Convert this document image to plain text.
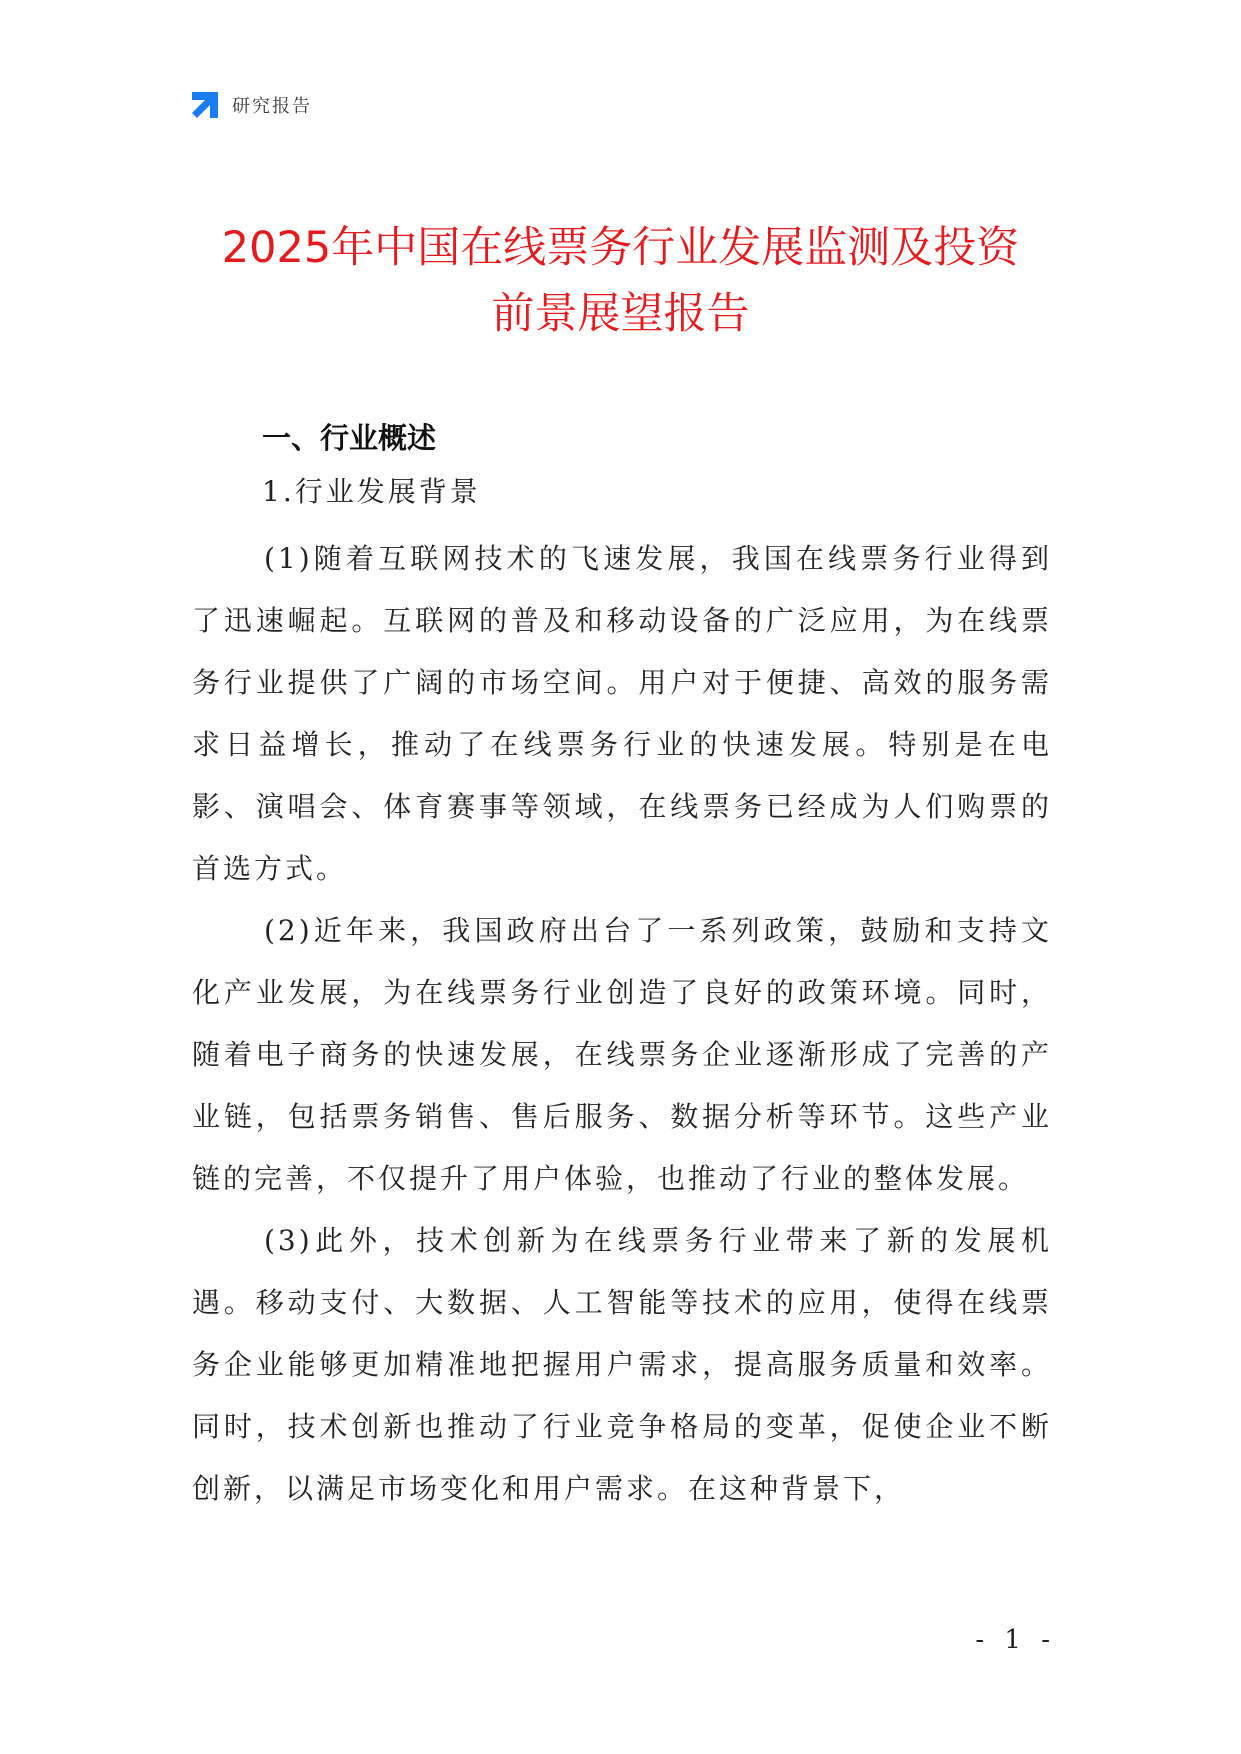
研究报告
2025年中国在线票务行业发展监测及投资
前景展望报告
一、行业概述
1.行业发展背景

(1)随着互联网技术的飞速发展，我国在线票务行业得到了迅速崛起。互联网的普及和移动设备的广泛应用，为在线票务行业提供了广阔的市场空间。用户对于便捷、高效的服务需求日益增长，推动了在线票务行业的快速发展。特别是在电影、演唱会、体育赛事等领域，在线票务已经成为人们购票的首选方式。

(2)近年来，我国政府出台了一系列政策，鼓励和支持文化产业发展，为在线票务行业创造了良好的政策环境。同时，随着电子商务的快速发展，在线票务企业逐渐形成了完善的产业链，包括票务销售、售后服务、数据分析等环节。这些产业链的完善，不仅提升了用户体验，也推动了行业的整体发展。

(3)此外，技术创新为在线票务行业带来了新的发展机遇。移动支付、大数据、人工智能等技术的应用，使得在线票务企业能够更加精准地把握用户需求，提高服务质量和效率。同时，技术创新也推动了行业竞争格局的变革，促使企业不断创新，以满足市场变化和用户需求。在这种背景下，

- 1 -
